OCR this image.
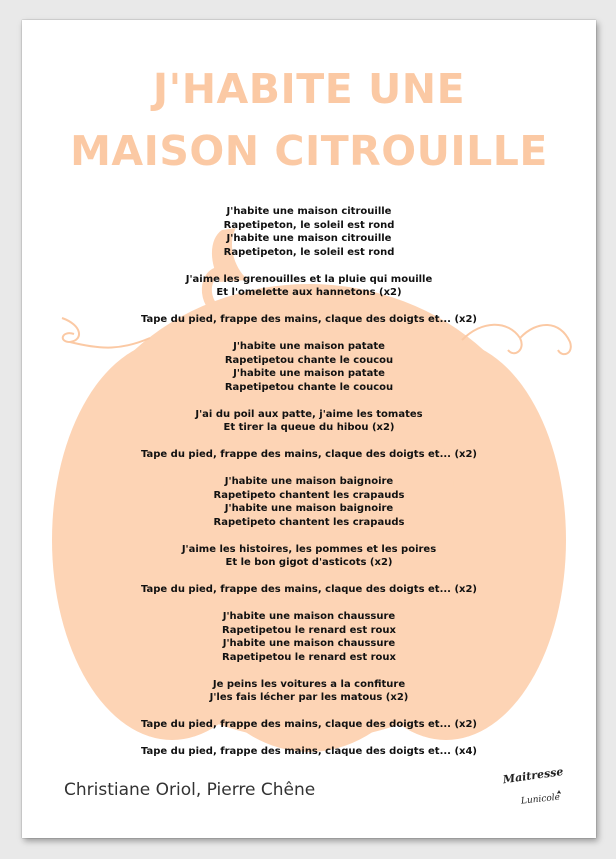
J'HABITE UNE
MAISON CITROUILLE
J'habite une maison citrouille
Rapetipeton, le soleil est rond
J'habite une maison citrouille
Rapetipeton, le soleil est rond
J'aime les grenouilles et la pluie qui mouille
Et l'omelette aux hannetons (x2)
Tape du pied, frappe des mains, claque des doigts et... (x2)
J'habite une maison patate
Rapetipetou chante le coucou
J'habite une maison patate
Rapetipetou chante le coucou
J'ai du poil aux patte, j'aime les tomates
Et tirer la queue du hibou (x2)
Tape du pied, frappe des mains, claque des doigts et... (x2)
J'habite une maison baignoire
Rapetipeto chantent les crapauds
J'habite une maison baignoire
Rapetipeto chantent les crapauds
J'aime les histoires, les pommes et les poires
Et le bon gigot d'asticots (x2)
Tape du pied, frappe des mains, claque des doigts et... (x2)
J'habite une maison chaussure
Rapetipetou le renard est roux
J'habite une maison chaussure
Rapetipetou le renard est roux
Je peins les voitures a la confiture
J'les fais lécher par les matous (x2)
Tape du pied, frappe des mains, claque des doigts et... (x2)
Tape du pied, frappe des mains, claque des doigts et... (x4)
Christiane Oriol, Pierre Chêne
Maitresse
Lunicole
